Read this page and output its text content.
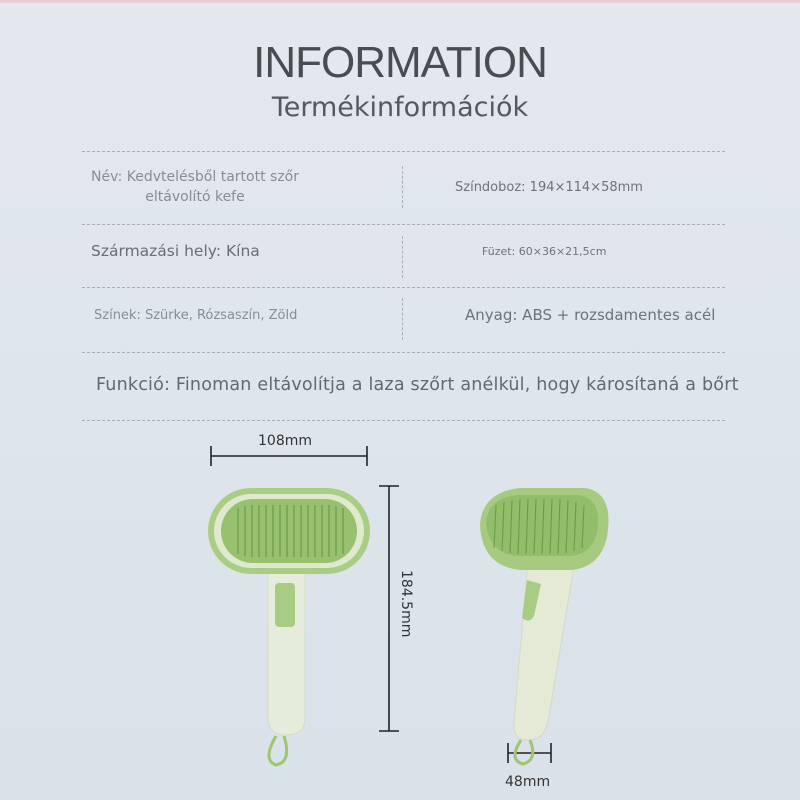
INFORMATION
Termékinformációk
Név: Kedvtelésből tartott szőr eltávolító kefe
Színdoboz: 194×114×58mm
Származási hely: Kína	Füzet: 60×36×21,5cm
Színek: Szürke, Rózsaszín, Zöld	Anyag: ABS + rozsdamentes acél
Funkció: Finoman eltávolítja a laza szőrt anélkül, hogy károsítaná a bőrt
108mm
184.5mm
48mm
